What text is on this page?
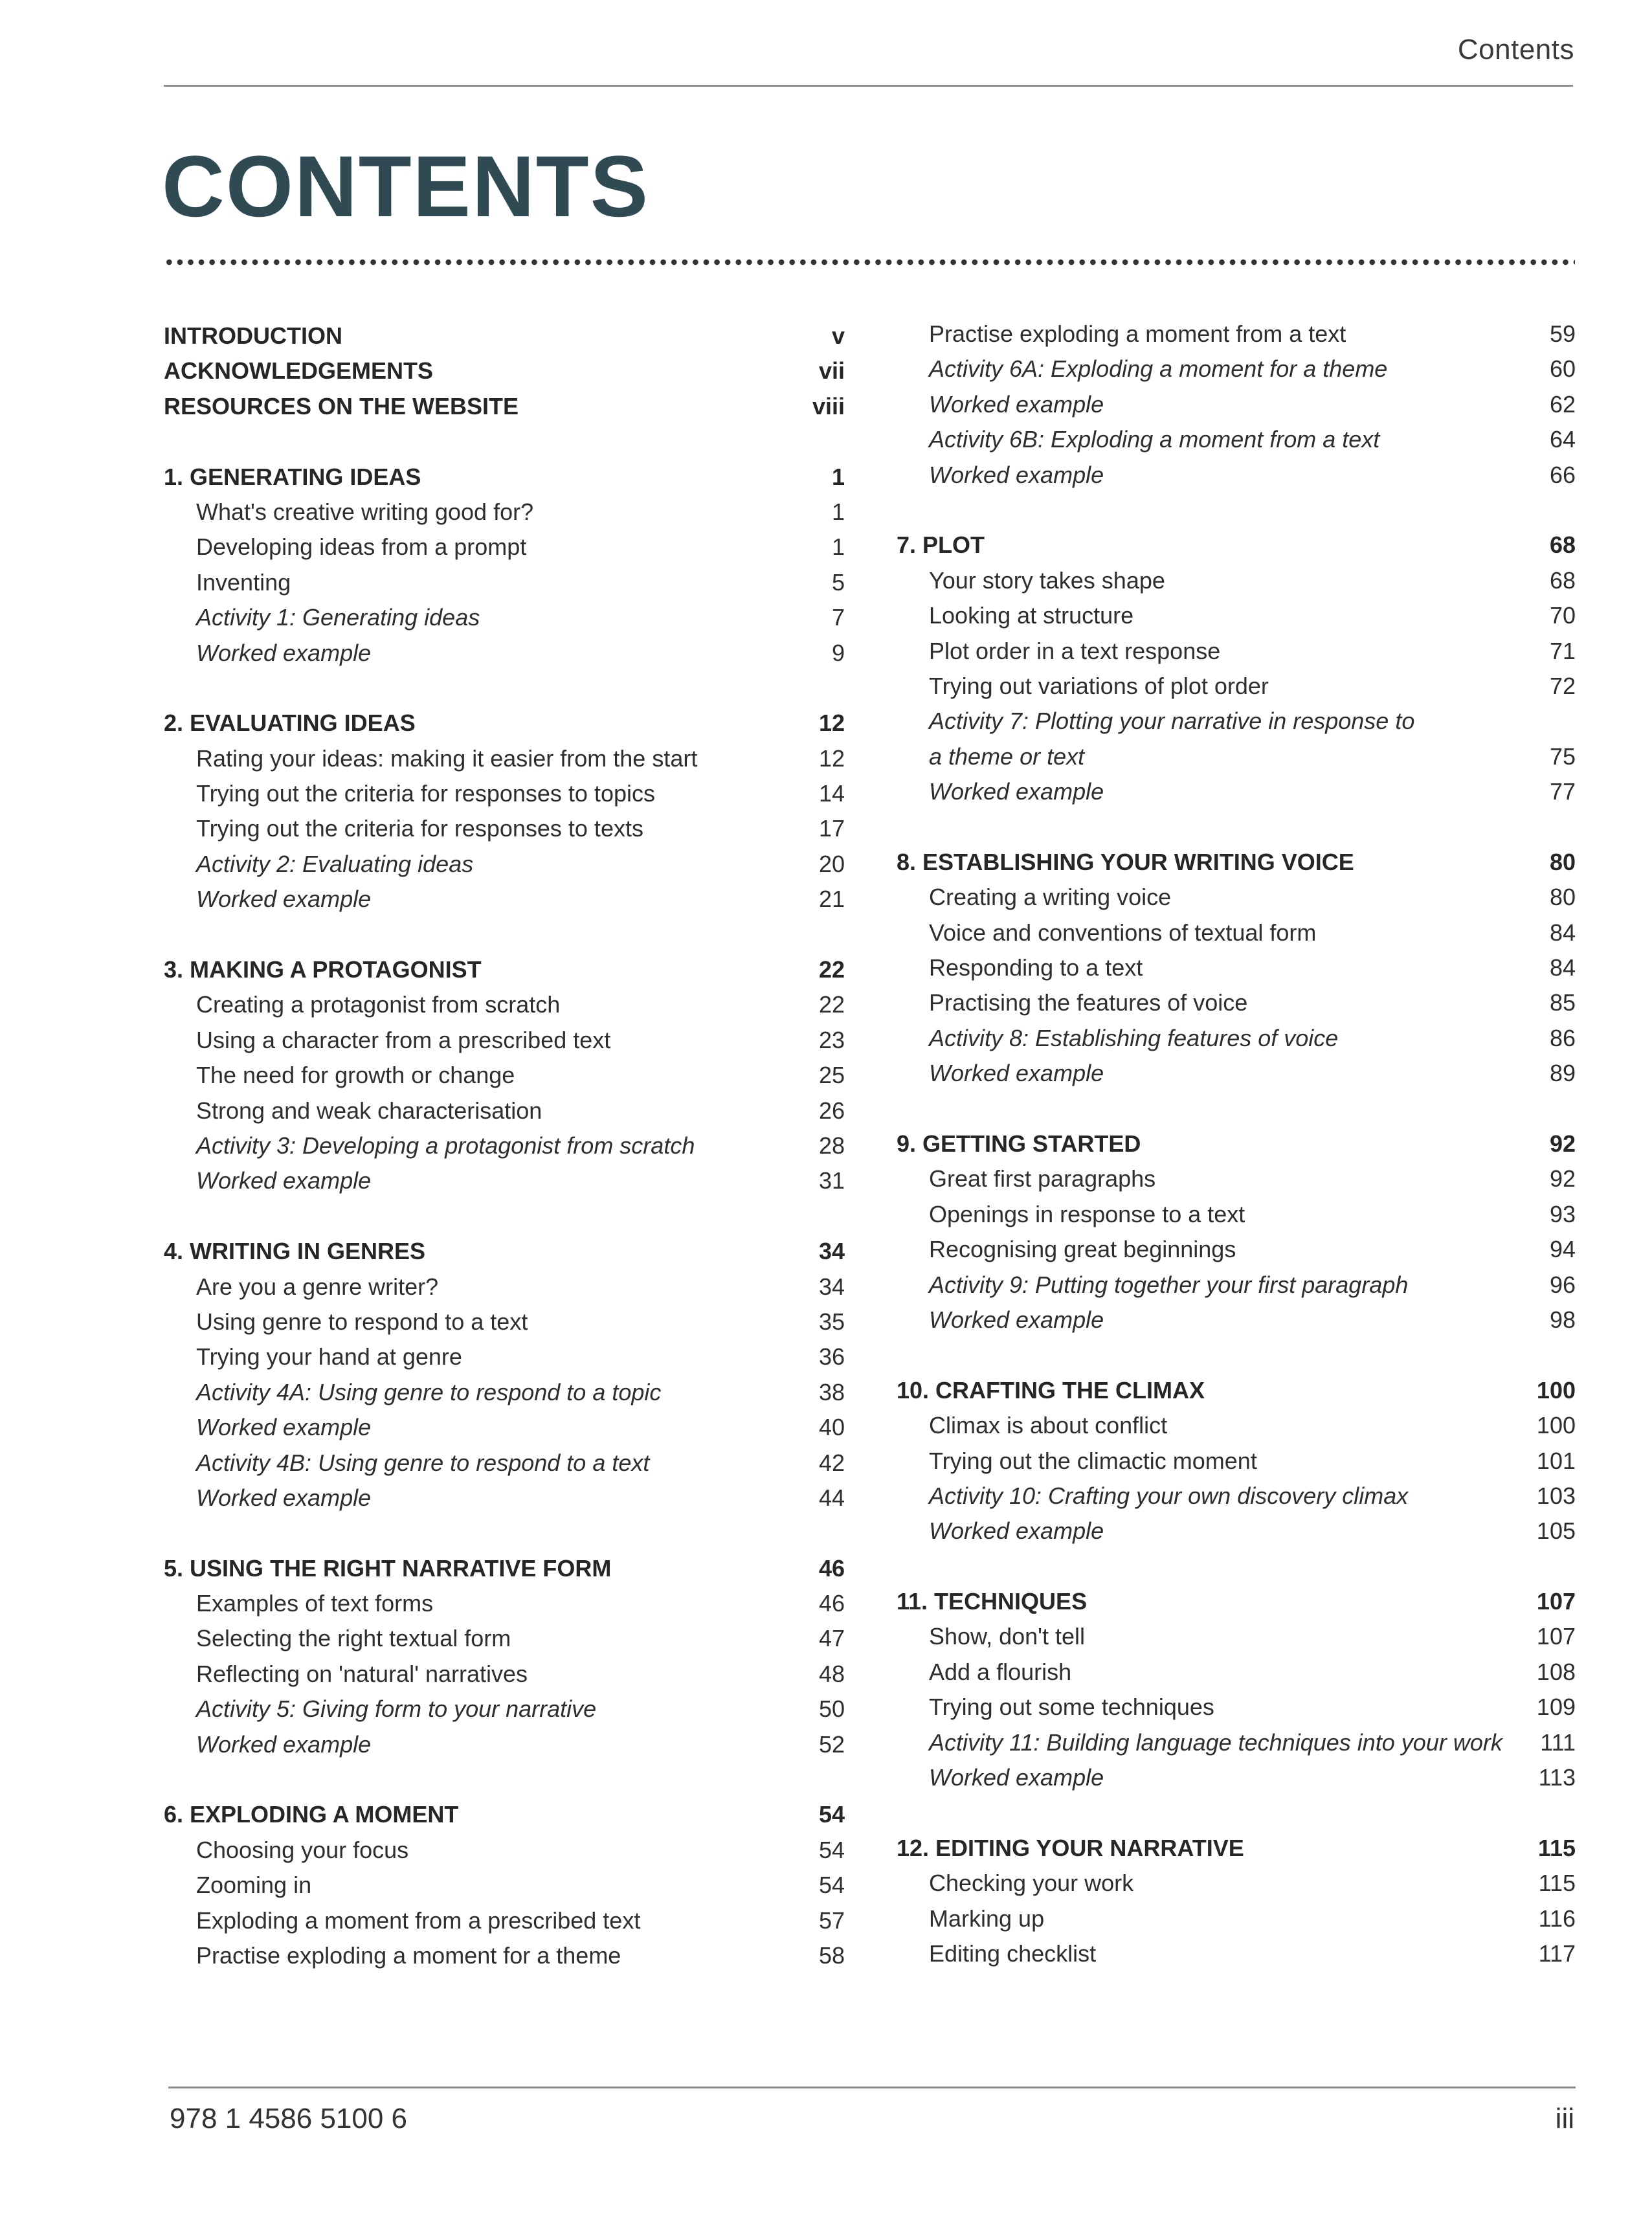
Contents
CONTENTS
INTRODUCTION	v
ACKNOWLEDGEMENTS	vii
RESOURCES ON THE WEBSITE	viii
1. GENERATING IDEAS	1
What's creative writing good for?	1
Developing ideas from a prompt	1
Inventing	5
Activity 1: Generating ideas	7
Worked example	9
2. EVALUATING IDEAS	12
Rating your ideas: making it easier from the start	12
Trying out the criteria for responses to topics	14
Trying out the criteria for responses to texts	17
Activity 2: Evaluating ideas	20
Worked example	21
3. MAKING A PROTAGONIST	22
Creating a protagonist from scratch	22
Using a character from a prescribed text	23
The need for growth or change	25
Strong and weak characterisation	26
Activity 3: Developing a protagonist from scratch	28
Worked example	31
4. WRITING IN GENRES	34
Are you a genre writer?	34
Using genre to respond to a text	35
Trying your hand at genre	36
Activity 4A: Using genre to respond to a topic	38
Worked example	40
Activity 4B: Using genre to respond to a text	42
Worked example	44
5. USING THE RIGHT NARRATIVE FORM	46
Examples of text forms	46
Selecting the right textual form	47
Reflecting on 'natural' narratives	48
Activity 5: Giving form to your narrative	50
Worked example	52
6. EXPLODING A MOMENT	54
Choosing your focus	54
Zooming in	54
Exploding a moment from a prescribed text	57
Practise exploding a moment for a theme	58
Practise exploding a moment from a text	59
Activity 6A: Exploding a moment for a theme	60
Worked example	62
Activity 6B: Exploding a moment from a text	64
Worked example	66
7. PLOT	68
Your story takes shape	68
Looking at structure	70
Plot order in a text response	71
Trying out variations of plot order	72
Activity 7: Plotting your narrative in response to
a theme or text	75
Worked example	77
8. ESTABLISHING YOUR WRITING VOICE	80
Creating a writing voice	80
Voice and conventions of textual form	84
Responding to a text	84
Practising the features of voice	85
Activity 8: Establishing features of voice	86
Worked example	89
9. GETTING STARTED	92
Great first paragraphs	92
Openings in response to a text	93
Recognising great beginnings	94
Activity 9: Putting together your first paragraph	96
Worked example	98
10. CRAFTING THE CLIMAX	100
Climax is about conflict	100
Trying out the climactic moment	101
Activity 10: Crafting your own discovery climax	103
Worked example	105
11. TECHNIQUES	107
Show, don't tell	107
Add a flourish	108
Trying out some techniques	109
Activity 11: Building language techniques into your work 111
Worked example	113
12. EDITING YOUR NARRATIVE	115
Checking your work	115
Marking up	116
Editing checklist	117
978 1 4586 5100 6	iii
